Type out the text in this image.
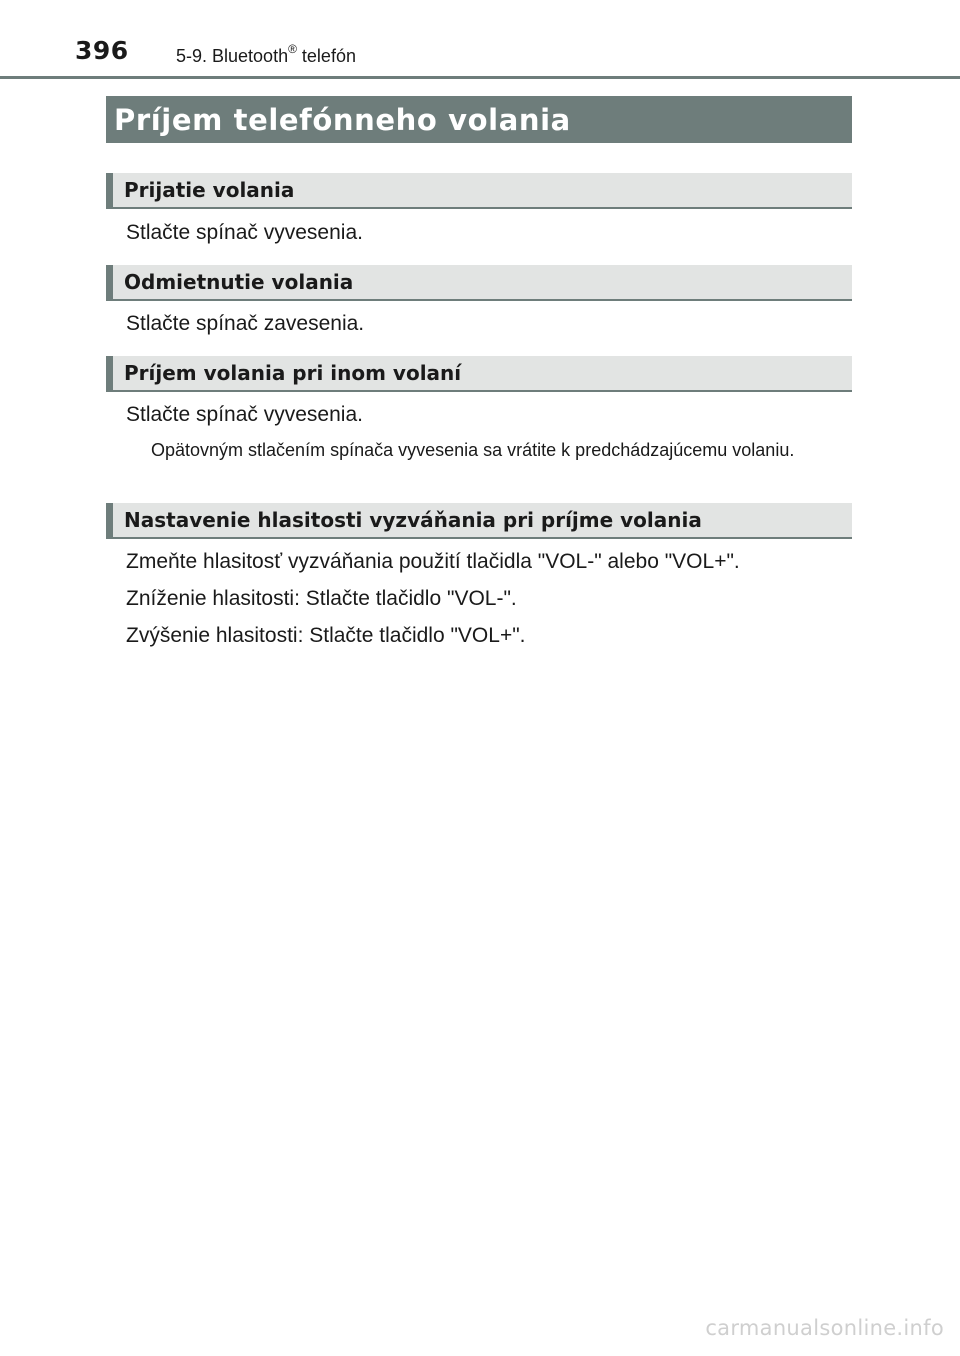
396	5-9. Bluetooth® telefón
Príjem telefónneho volania
Prijatie volania
Stlačte spínač vyvesenia.
Odmietnutie volania
Stlačte spínač zavesenia.
Príjem volania pri inom volaní
Stlačte spínač vyvesenia.
Opätovným stlačením spínača vyvesenia sa vrátite k predchádzajúcemu volaniu.
Nastavenie hlasitosti vyzváňania pri príjme volania
Zmeňte hlasitosť vyzváňania použití tlačidla "VOL-" alebo "VOL+".
Zníženie hlasitosti: Stlačte tlačidlo "VOL-".
Zvýšenie hlasitosti: Stlačte tlačidlo "VOL+".
carmanualsonline.info
